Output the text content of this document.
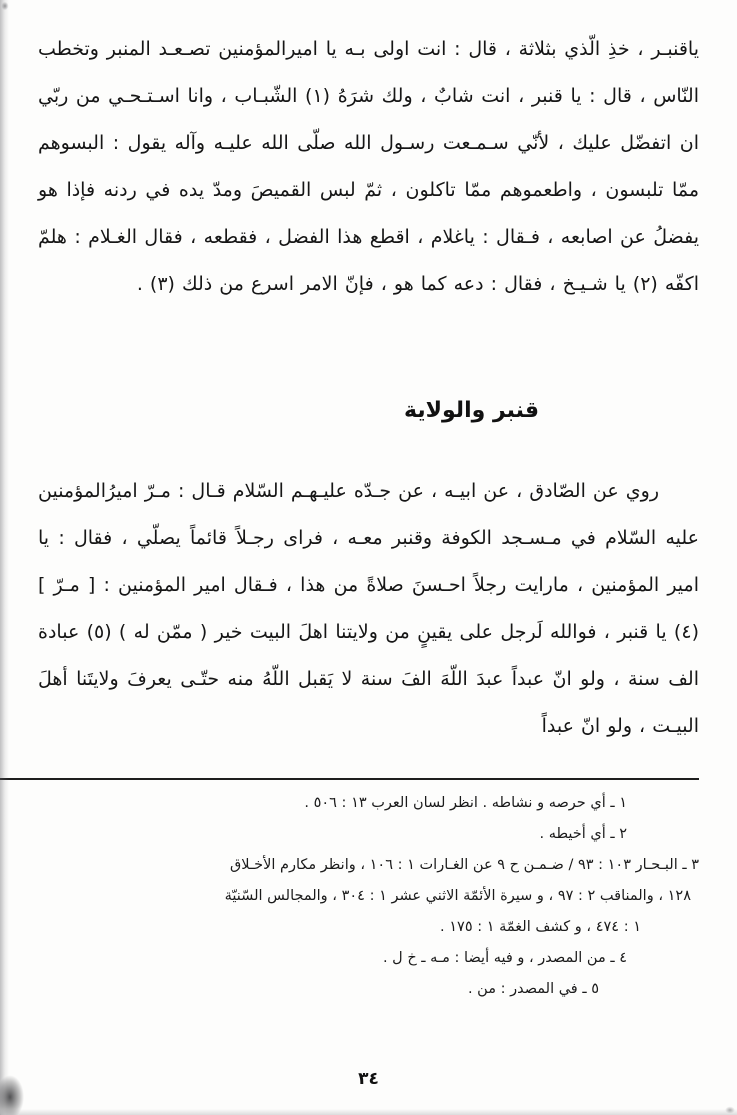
ياقنبـر ، خذِ الّذي بثلاثة ، قال : انت اولى بـه يا اميرالمؤمنين تصـعـد المنبر وتخطب النّاس ، قال : يا قنبر ، انت شابٌ ، ولك شرَهُ (١) الشّبـاب ، وانا اسـتـحـي من ربّي ان اتفضّل عليك ، لأنّي سـمـعت رسـول الله صلّى الله عليـه وآله يقول : البسوهم ممّا تلبسون ، واطعموهم ممّا تاكلون ، ثمّ لبس القميصَ ومدّ يده في ردنه فإذا هو يفضلُ عن اصابعه ، فـقال : ياغلام ، اقطع هذا الفضل ، فقطعه ، فقال الغـلام : هلمّ اكفّه (٢) يا شـيـخ ، فقال : دعه كما هو ، فإنّ الامر اسرع من ذلك (٣) .

قنبر والولاية

روي عن الصّادق ، عن ابيـه ، عن جـدّه عليـهـم السّلام قـال : مـرّ اميرُالمؤمنين عليه السّلام في مـسـجد الكوفة وقنبر معـه ، فراى رجـلاً قائماً يصلّي ، فقال : يا امير المؤمنين ، مارايت رجلاً احـسنَ صلاةً من هذا ، فـقال امير المؤمنين : [ مـرّ ] (٤) يا قنبر ، فوالله لَرجل على يقينٍ من ولايتنا اهلَ البيت خير ( ممّن له ) (٥) عبادة الف سنة ، ولو انّ عبداً عبدَ اللّهَ الفَ سنة لا يَقبل اللّهُ منه حتّـى يعرفَ ولايتَنا أهلَ البيـت ، ولو انّ عبداً

١ ـ أي حرصه و نشاطه . انظر لسان العرب ١٣ : ٥٠٦ .

٢ ـ أي أخيطه .

٣ ـ البـحـار ١٠٣ : ٩٣ / ضـمـن ح ٩ عن الغـارات ١ : ١٠٦ ، وانظر مكارم الأخـلاق

١٢٨ ، والمناقب ٢ : ٩٧ ، و سيرة الأئمّة الاثني عشر ١ : ٣٠٤ ، والمجالس السّنيّة

١ : ٤٧٤ ، و كشف الغمّة ١ : ١٧٥ .

٤ ـ من المصدر ، و فيه أيضا : مـه ـ خ ل .

٥ ـ في المصدر : من .

٣٤
